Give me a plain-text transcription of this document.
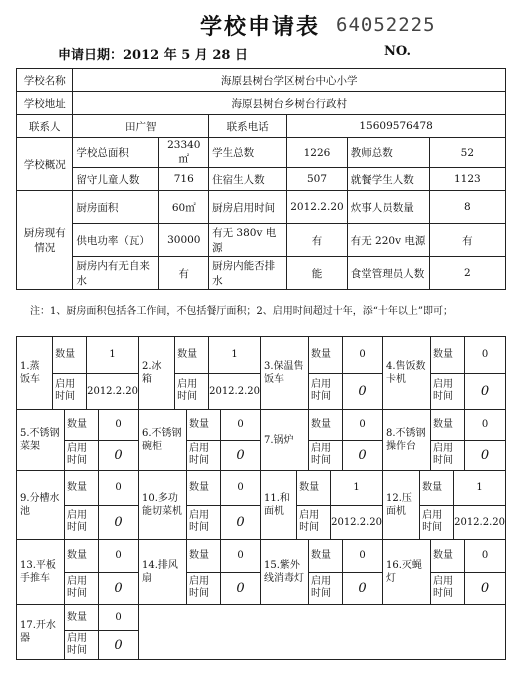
学校申请表 64052225
申请日期：2012 年 5 月 28 日	NO.
学校名称	海原县树台学区树台中心小学					
学校地址	海原县树台乡树台行政村					
联系人	田广智		联系电话	15609576478		
学校概况	学校总面积	23340㎡	学生总数	1226	教师总数	52
	留守儿童人数	716	住宿生人数	507	就餐学生人数	1123
厨房现有情况	厨房面积	60㎡	厨房启用时间	2012.2.20	炊事人员数量	8
	供电功率（瓦）	30000	有无 380v 电源	有	有无 220v 电源	有
	厨房内有无自来水	有	厨房内能否排水	能	食堂管理员人数	2
注：1、厨房面积包括各工作间，不包括餐厅面积；2、启用时间超过十年，添“十年以上”即可；
1.蒸饭车
数量	1
启用时间	2012.2.20
2.冰箱
数量	1
启用时间	2012.2.20
3.保温售饭车
数量	0
启用时间	0
4.售饭数卡机
数量	0
启用时间	0
5.不锈钢菜架
数量	0
启用时间	0
6.不锈钢碗柜
数量	0
启用时间	0
7.锅炉
数量	0
启用时间	0
8.不锈钢操作台
数量	0
启用时间	0
9.分槽水池
数量	0
启用时间	0
10.多功能切菜机
数量	0
启用时间	0
11.和面机
数量	1
启用时间	2012.2.20
12.压面机
数量	1
启用时间	2012.2.20
13.平板手推车
数量	0
启用时间	0
14.排风扇
数量	0
启用时间	0
15.紫外线消毒灯
数量	0
启用时间	0
16.灭蝇灯
数量	0
启用时间	0
17.开水器
数量	0
启用时间	0
